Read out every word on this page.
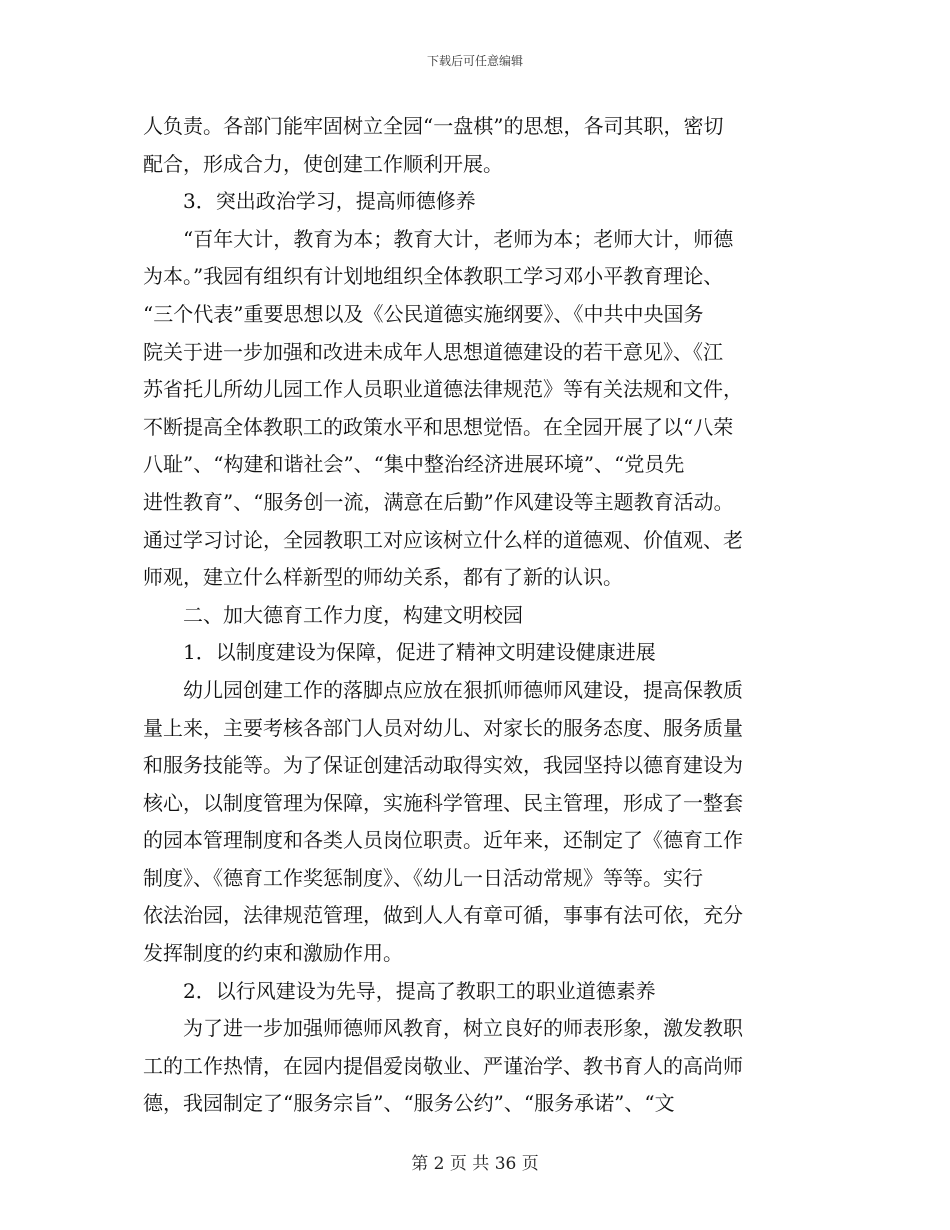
下载后可任意编辑
人负责。各部门能牢固树立全园“一盘棋”的思想，各司其职，密切
配合，形成合力，使创建工作顺利开展。
　　3．突出政治学习，提高师德修养
　　“百年大计，教育为本；教育大计，老师为本；老师大计，师德
为本。”我园有组织有计划地组织全体教职工学习邓小平教育理论、
“三个代表”重要思想以及《公民道德实施纲要》、《中共中央国务
院关于进一步加强和改进未成年人思想道德建设的若干意见》、《江
苏省托儿所幼儿园工作人员职业道德法律规范》等有关法规和文件，
不断提高全体教职工的政策水平和思想觉悟。在全园开展了以“八荣
八耻”、“构建和谐社会”、“集中整治经济进展环境”、“党员先
进性教育”、“服务创一流，满意在后勤”作风建设等主题教育活动。
通过学习讨论，全园教职工对应该树立什么样的道德观、价值观、老
师观，建立什么样新型的师幼关系，都有了新的认识。
　　二、加大德育工作力度，构建文明校园
　　1．以制度建设为保障，促进了精神文明建设健康进展
　　幼儿园创建工作的落脚点应放在狠抓师德师风建设，提高保教质
量上来，主要考核各部门人员对幼儿、对家长的服务态度、服务质量
和服务技能等。为了保证创建活动取得实效，我园坚持以德育建设为
核心，以制度管理为保障，实施科学管理、民主管理，形成了一整套
的园本管理制度和各类人员岗位职责。近年来，还制定了《德育工作
制度》、《德育工作奖惩制度》、《幼儿一日活动常规》等等。实行
依法治园，法律规范管理，做到人人有章可循，事事有法可依，充分
发挥制度的约束和激励作用。
　　2．以行风建设为先导，提高了教职工的职业道德素养
　　为了进一步加强师德师风教育，树立良好的师表形象，激发教职
工的工作热情，在园内提倡爱岗敬业、严谨治学、教书育人的高尚师
德，我园制定了“服务宗旨”、“服务公约”、“服务承诺”、“文
第 2 页 共 36 页
